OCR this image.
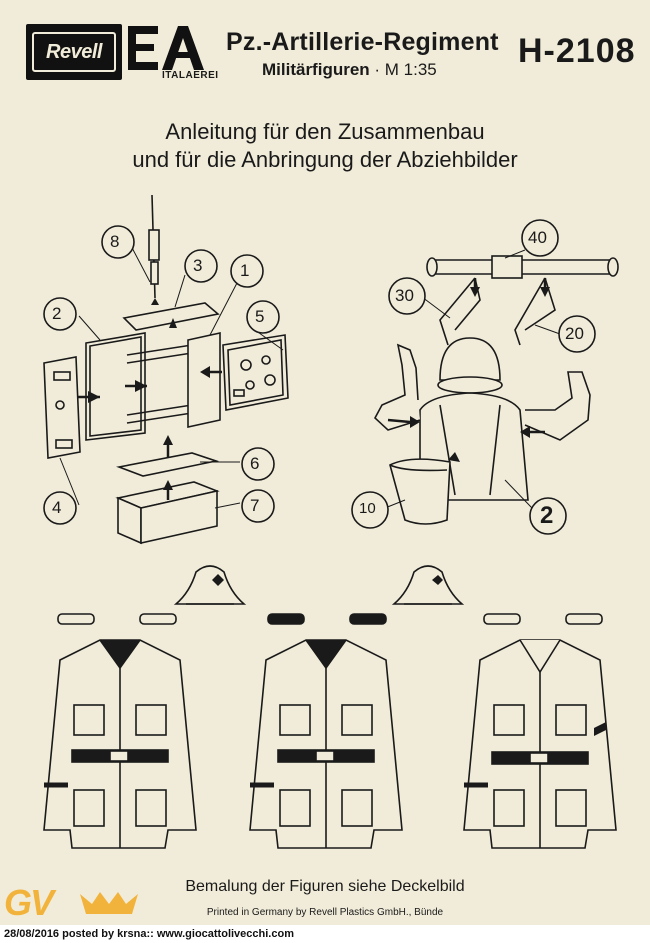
Revell
ITALAEREI
Pz.-Artillerie-Regiment
Militärfiguren · M 1:35 H-2108
Anleitung für den Zusammenbau
und für die Anbringung der Abziehbilder
8
3 1
2	5
4
6
7
40
30
20
10	2
GV	Bemalung der Figuren siehe Deckelbild
Printed in Germany by Revell Plastics GmbH., Bünde
28/08/2016 posted by krsna:: www.giocattolivecchi.com
